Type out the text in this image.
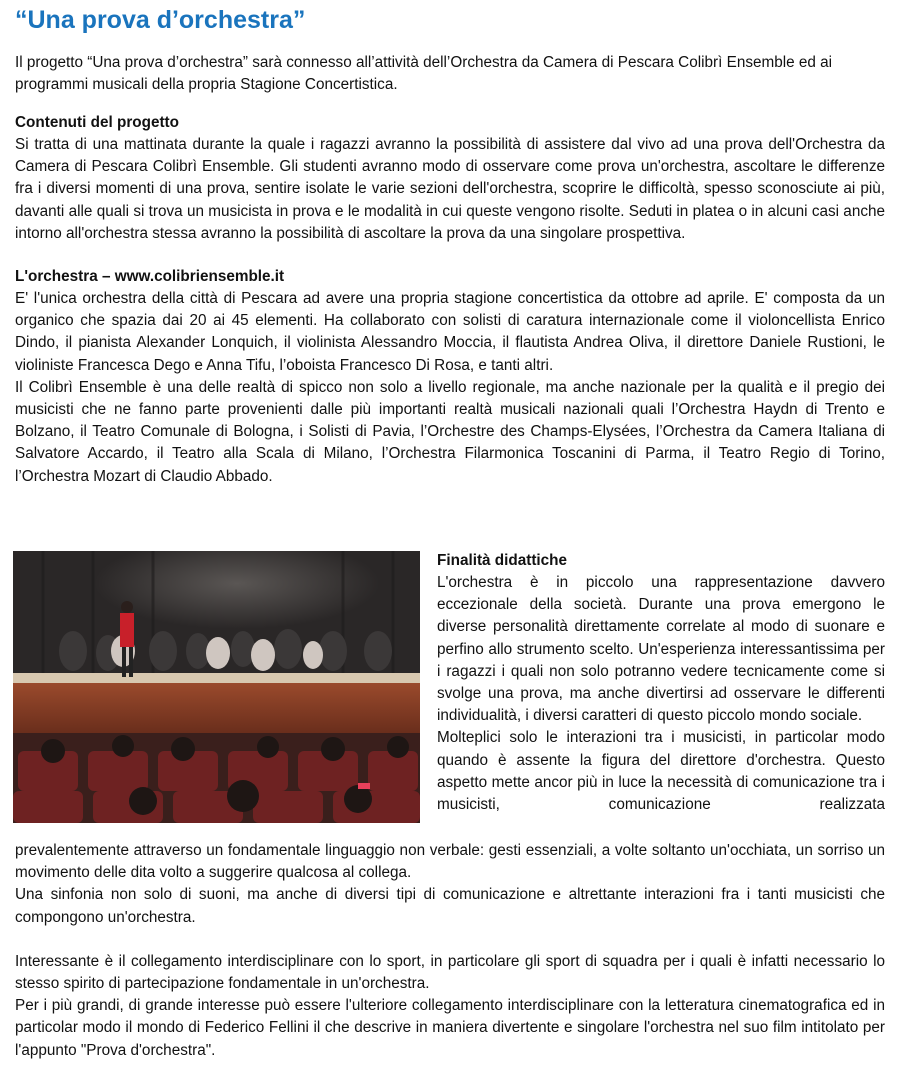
“Una prova d’orchestra”

Il progetto “Una prova d’orchestra” sarà connesso all’attività dell’Orchestra da Camera di Pescara Colibrì Ensemble ed ai programmi musicali della propria Stagione Concertistica.

Contenuti del progetto

Si tratta di una mattinata durante la quale i ragazzi avranno la possibilità di assistere dal vivo ad una prova dell'Orchestra da Camera di Pescara Colibrì Ensemble. Gli studenti avranno modo di osservare come prova un'orchestra, ascoltare le differenze fra i diversi momenti di una prova, sentire isolate le varie sezioni dell'orchestra, scoprire le difficoltà, spesso sconosciute ai più, davanti alle quali si trova un musicista in prova e le modalità in cui queste vengono risolte. Seduti in platea o in alcuni casi anche intorno all'orchestra stessa avranno la possibilità di ascoltare la prova da una singolare prospettiva.

L'orchestra – www.colibriensemble.it

E' l'unica orchestra della città di Pescara ad avere una propria stagione concertistica da ottobre ad aprile. E' composta da un organico che spazia dai 20 ai 45 elementi. Ha collaborato con solisti di caratura internazionale come il violoncellista Enrico Dindo, il pianista Alexander Lonquich, il violinista Alessandro Moccia, il flautista Andrea Oliva, il direttore Daniele Rustioni, le violiniste Francesca Dego e Anna Tifu, l’oboista Francesco Di Rosa, e tanti altri.

Il Colibrì Ensemble è una delle realtà di spicco non solo a livello regionale, ma anche nazionale per la qualità e il pregio dei musicisti che ne fanno parte provenienti dalle più importanti realtà musicali nazionali quali l’Orchestra Haydn di Trento e Bolzano, il Teatro Comunale di Bologna, i Solisti di Pavia, l’Orchestre des Champs-Elysées, l’Orchestra da Camera Italiana di Salvatore Accardo, il Teatro alla Scala di Milano, l’Orchestra Filarmonica Toscanini di Parma, il Teatro Regio di Torino, l’Orchestra Mozart di Claudio Abbado.

Finalità didattiche

L'orchestra è in piccolo una rappresentazione davvero eccezionale della società. Durante una prova emergono le diverse personalità direttamente correlate al modo di suonare e perfino allo strumento scelto. Un'esperienza interessantissima per i ragazzi i quali non solo potranno vedere tecnicamente come si svolge una prova, ma anche divertirsi ad osservare le differenti individualità, i diversi caratteri di questo piccolo mondo sociale.

Molteplici solo le interazioni tra i musicisti, in particolar modo quando è assente la figura del direttore d'orchestra. Questo aspetto mette ancor più in luce la necessità di comunicazione tra i musicisti, comunicazione realizzata

prevalentemente attraverso un fondamentale linguaggio non verbale: gesti essenziali, a volte soltanto un'occhiata, un sorriso un movimento delle dita volto a suggerire qualcosa al collega.

Una sinfonia non solo di suoni, ma anche di diversi tipi di comunicazione e altrettante interazioni fra i tanti musicisti che compongono un'orchestra.

Interessante è il collegamento interdisciplinare con lo sport, in particolare gli sport di squadra per i quali è infatti necessario lo stesso spirito di partecipazione fondamentale in un'orchestra.

Per i più grandi, di grande interesse può essere l'ulteriore collegamento interdisciplinare con la letteratura cinematografica ed in particolar modo il mondo di Federico Fellini il che descrive in maniera divertente e singolare l'orchestra nel suo film intitolato per l'appunto "Prova d'orchestra".
